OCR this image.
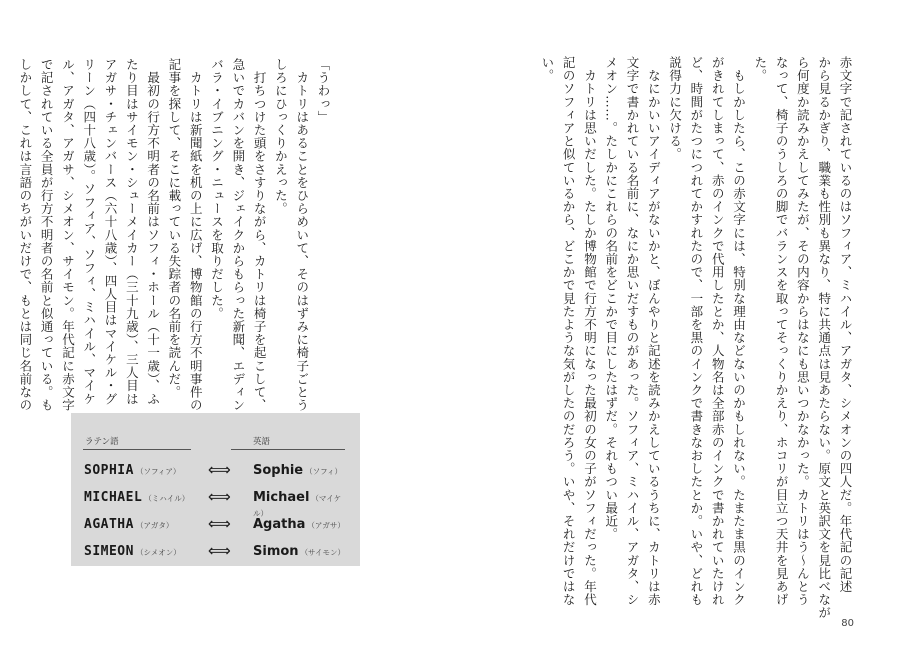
赤文字で記されているのはソフィア、ミハイル、アガタ、シメオンの四人だ。年代記の記述

から見るかぎり、職業も性別も異なり、特に共通点は見あたらない。原文と英訳文を見比べなが

ら何度か読みかえしてみたが、その内容からはなにも思いつかなかった。カトリはう〜んとう

なって、椅子のうしろの脚でバランスを取ってそっくりかえり、ホコリが目立つ天井を見あげ

た。

　もしかしたら、この赤文字には、特別な理由などないのかもしれない。たまたま黒のインク

がきれてしまって、赤のインクで代用したとか、人物名は全部赤のインクで書かれていたけれ

ど、時間がたつにつれてかすれたので、一部を黒のインクで書きなおしたとか。いや、どれも

説得力に欠ける。

　なにかいいアイディアがないかと、ぼんやりと記述を読みかえしているうちに、カトリは赤

文字で書かれている名前に、なにか思いだすものがあった。ソフィア、ミハイル、アガタ、シ

メオン……。たしかにこれらの名前をどこかで目にしたはずだ。それもつい最近。

　カトリは思いだした。たしか博物館で行方不明になった最初の女の子がソフィだった。年代

記のソフィアと似ているから、どこかで見たような気がしたのだろう。いや、それだけではな

い。

「うわっ」

　カトリはあることをひらめいて、そのはずみに椅子ごとう

しろにひっくりかえった。

　打ちつけた頭をさすりながら、カトリは椅子を起こして、

急いでカバンを開き、ジェイクからもらった新聞、エディン

バラ・イブニング・ニュースを取りだした。

　カトリは新聞紙を机の上に広げ、博物館の行方不明事件の

記事を探して、そこに載っている失踪者の名前を読んだ。

　最初の行方不明者の名前はソフィ・ホール（十一歳）、ふ

たり目はサイモン・シューメイカー（三十九歳）、三人目は

アガサ・チェンバース（六十八歳）、四人目はマイケル・グ

リーン（四十八歳）。ソフィア、ソフィ、ミハイル、マイケ

ル、アガタ、アガサ、シメオン、サイモン。年代記に赤文字

で記されている全員が行方不明者の名前と似通っている。も

しかして、これは言語のちがいだけで、もとは同じ名前なの

ラテン語	英語
SOPHIA （ソフィア） ⟺ Sophie （ソフィ）
MICHAEL （ミハイル） ⟺ Michael （マイケル）
AGATHA （アガタ） ⟺ Agatha （アガサ）
SIMEON （シメオン） ⟺ Simon （サイモン）
80
